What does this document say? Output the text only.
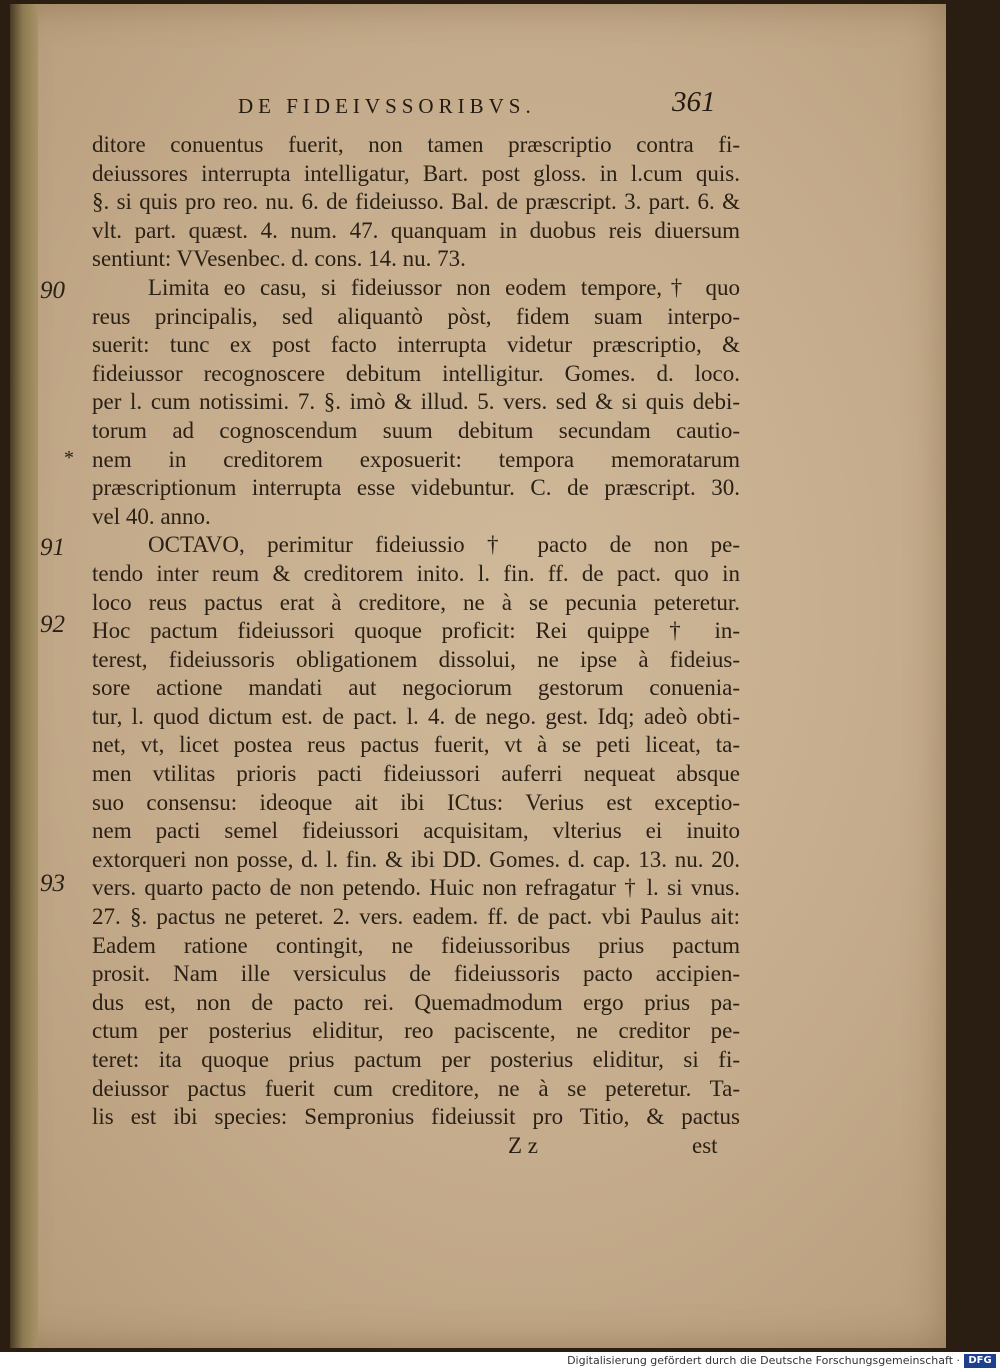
DE FIDEIVSSORIBVS.	361
90
91
92
93
*
ditore conuentus fuerit, non tamen præscriptio contra fi-
deiussores interrupta intelligatur, Bart. post gloss. in l.cum quis.
§. si quis pro reo. nu. 6. de fideiusso. Bal. de præscript. 3. part. 6. &
vlt. part. quæst. 4. num. 47. quanquam in duobus reis diuersum
sentiunt: VVesenbec. d. cons. 14. nu. 73.
Limita eo casu, si fideiussor non eodem tempore,† quo
reus principalis, sed aliquantò pòst, fidem suam interpo-
suerit: tunc ex post facto interrupta videtur præscriptio, &
fideiussor recognoscere debitum intelligitur. Gomes. d. loco.
per l. cum notissimi. 7. §. imò & illud. 5. vers. sed & si quis debi-
torum ad cognoscendum suum debitum secundam cautio-
nem in creditorem exposuerit: tempora memoratarum
præscriptionum interrupta esse videbuntur. C. de præscript. 30.
vel 40. anno.
OCTAVO, perimitur fideiussio † pacto de non pe-
tendo inter reum & creditorem inito. l. fin. ff. de pact. quo in
loco reus pactus erat à creditore, ne à se pecunia peteretur.
Hoc pactum fideiussori quoque proficit: Rei quippe † in-
terest, fideiussoris obligationem dissolui, ne ipse à fideius-
sore actione mandati aut negociorum gestorum conuenia-
tur, l. quod dictum est. de pact. l. 4. de nego. gest. Idq; adeò obti-
net, vt, licet postea reus pactus fuerit, vt à se peti liceat, ta-
men vtilitas prioris pacti fideiussori auferri nequeat absque
suo consensu: ideoque ait ibi ICtus: Verius est exceptio-
nem pacti semel fideiussori acquisitam, vlterius ei inuito
extorqueri non posse, d. l. fin. & ibi DD. Gomes. d. cap. 13. nu. 20.
vers. quarto pacto de non petendo. Huic non refragatur † l. si vnus.
27. §. pactus ne peteret. 2. vers. eadem. ff. de pact. vbi Paulus ait:
Eadem ratione contingit, ne fideiussoribus prius pactum
prosit. Nam ille versiculus de fideiussoris pacto accipien-
dus est, non de pacto rei. Quemadmodum ergo prius pa-
ctum per posterius eliditur, reo paciscente, ne creditor pe-
teret: ita quoque prius pactum per posterius eliditur, si fi-
deiussor pactus fuerit cum creditore, ne à se peteretur. Ta-
lis est ibi species: Sempronius fideiussit pro Titio, & pactus
Z z	est
Digitalisierung gefördert durch die Deutsche Forschungsgemeinschaft · DFG
